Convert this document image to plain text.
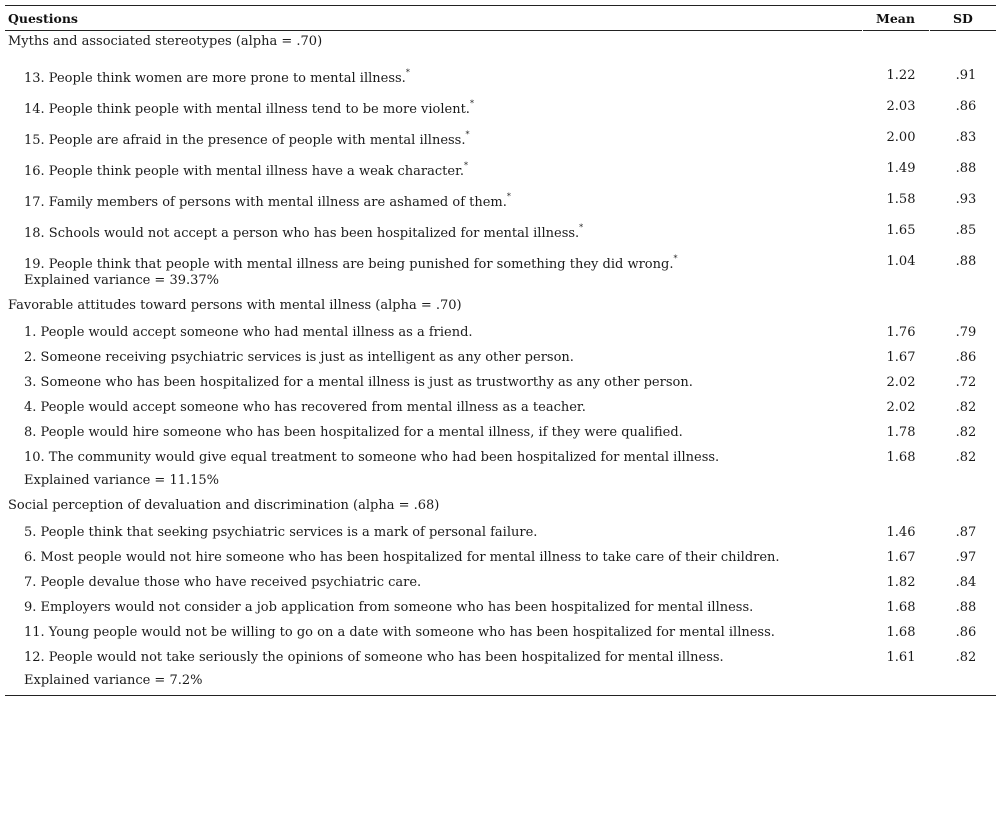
Questions	Mean	SD
Myths and associated stereotypes (alpha = .70)
13. People think women are more prone to mental illness.*	1.22	.91
14. People think people with mental illness tend to be more violent.*	2.03	.86
15. People are afraid in the presence of people with mental illness.*	2.00	.83
16. People think people with mental illness have a weak character.*	1.49	.88
17. Family members of persons with mental illness are ashamed of them.*	1.58	.93
18. Schools would not accept a person who has been hospitalized for mental illness.*	1.65	.85
19. People think that people with mental illness are being punished for something they did wrong.*	1.04	.88
Explained variance = 39.37%
Favorable attitudes toward persons with mental illness (alpha = .70)
1. People would accept someone who had mental illness as a friend.	1.76	.79
2. Someone receiving psychiatric services is just as intelligent as any other person.	1.67	.86
3. Someone who has been hospitalized for a mental illness is just as trustworthy as any other person.	2.02	.72
4. People would accept someone who has recovered from mental illness as a teacher.	2.02	.82
8. People would hire someone who has been hospitalized for a mental illness, if they were qualified.	1.78	.82
10. The community would give equal treatment to someone who had been hospitalized for mental illness.	1.68	.82
Explained variance = 11.15%
Social perception of devaluation and discrimination (alpha = .68)
5. People think that seeking psychiatric services is a mark of personal failure.	1.46	.87
6. Most people would not hire someone who has been hospitalized for mental illness to take care of their children.	1.67	.97
7. People devalue those who have received psychiatric care.	1.82	.84
9. Employers would not consider a job application from someone who has been hospitalized for mental illness.	1.68	.88
11. Young people would not be willing to go on a date with someone who has been hospitalized for mental illness.	1.68	.86
12. People would not take seriously the opinions of someone who has been hospitalized for mental illness.	1.61	.82
Explained variance = 7.2%
